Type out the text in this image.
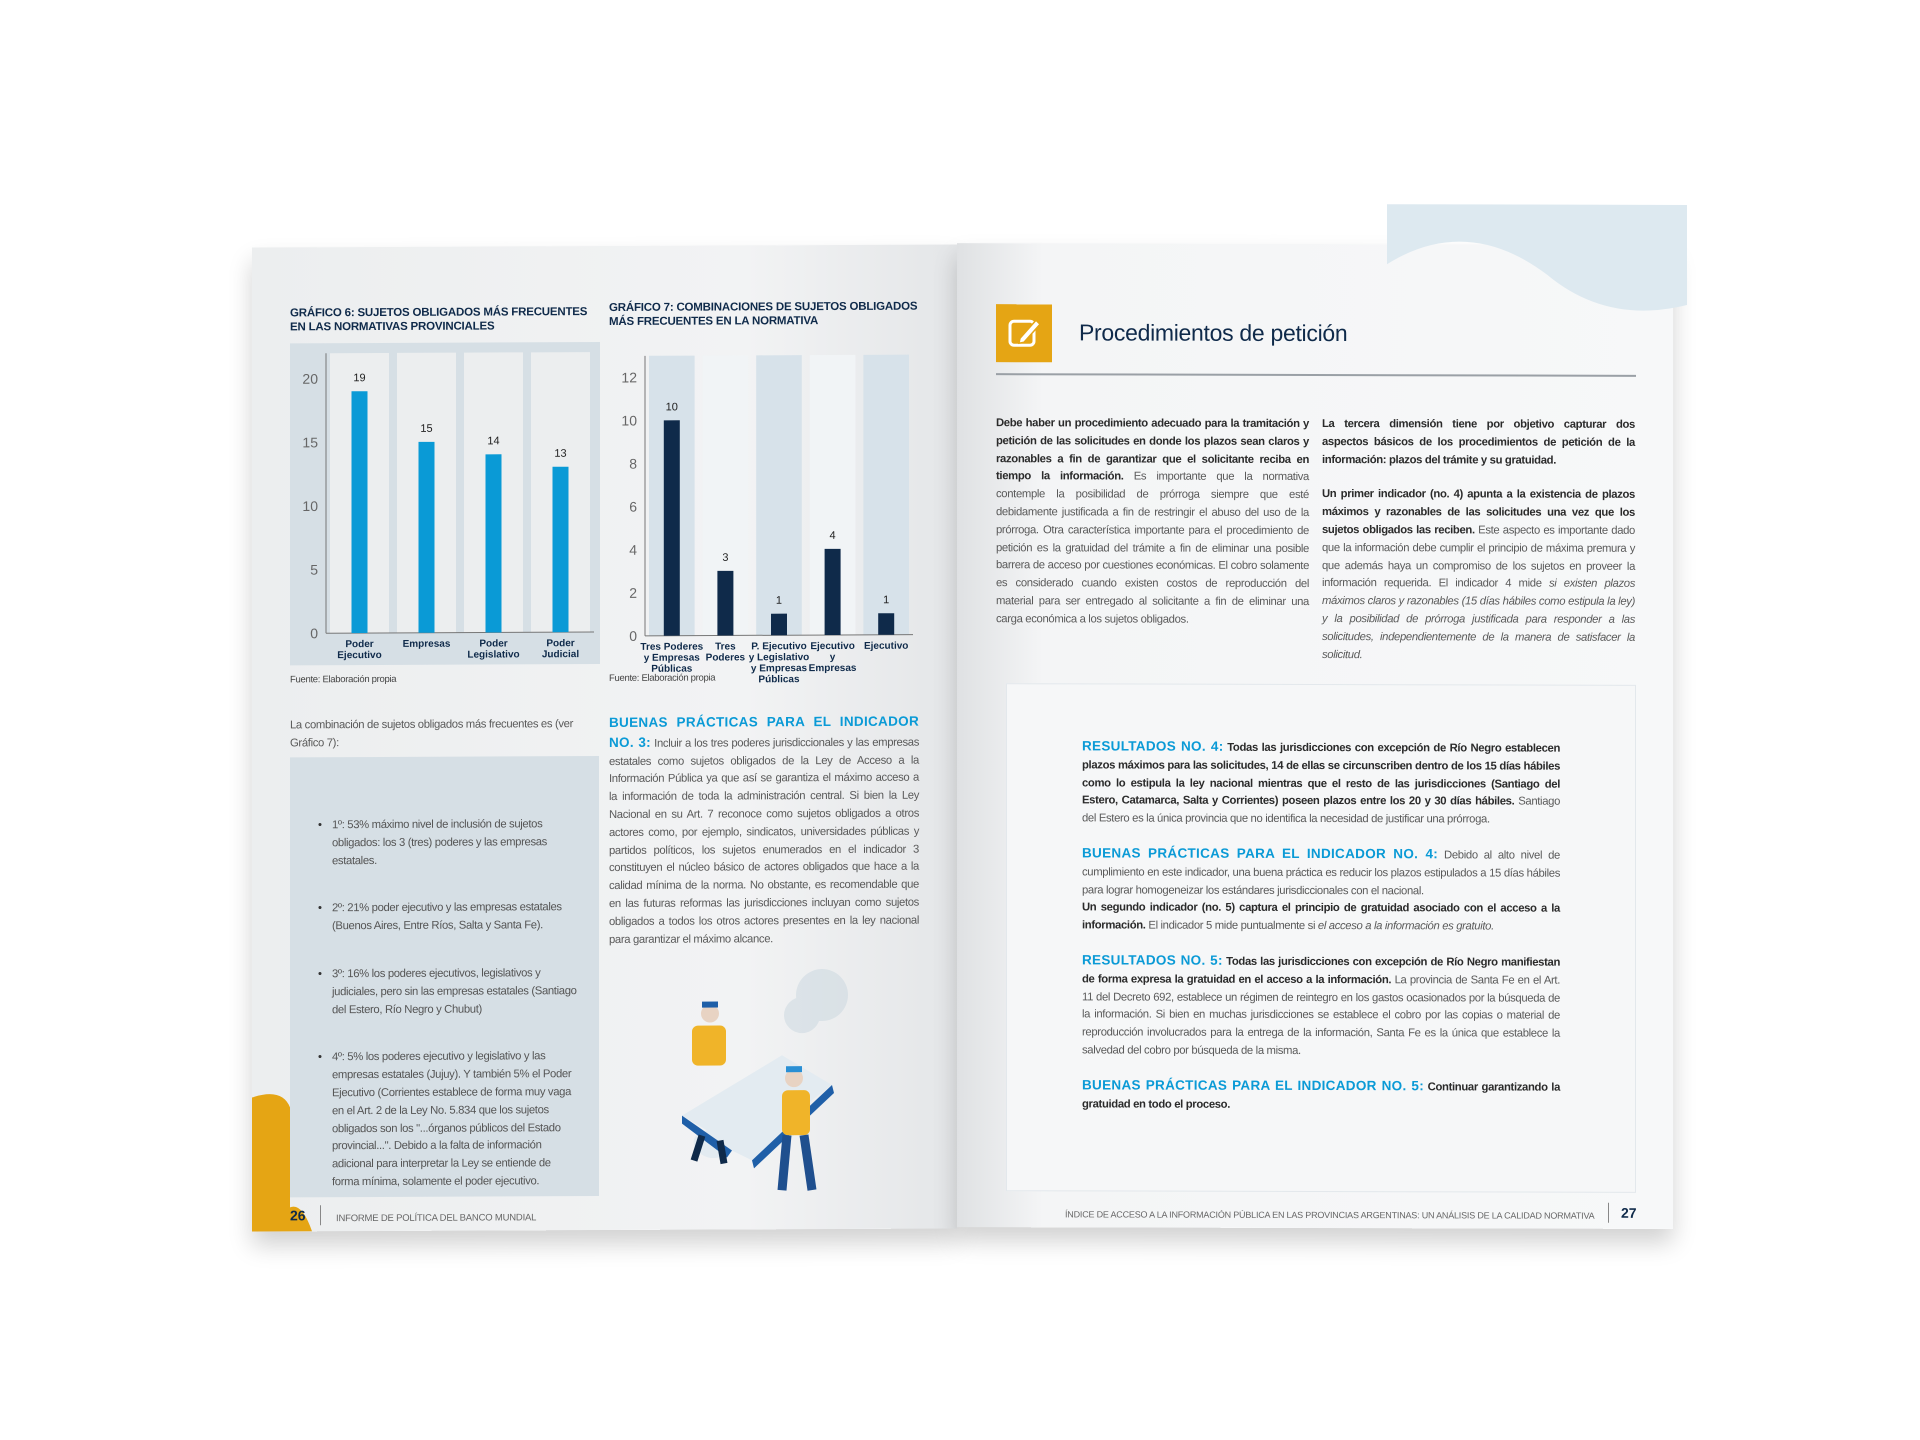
GRÁFICO 6: SUJETOS OBLIGADOS MÁS FRECUENTES
EN LAS NORMATIVAS PROVINCIALES
GRÁFICO 7: COMBINACIONES DE SUJETOS OBLIGADOS
MÁS FRECUENTES EN LA NORMATIVA
0
5
10
15
20	19
Poder
Ejecutivo
15
Empresas
14
Poder
Legislativo
13
Poder
Judicial
0
2
4
6
8
10
12
10
Tres Poderes
y Empresas
Públicas
3
Tres
Poderes
1
P. Ejecutivo
y Legislativo
y Empresas
Públicas
4
Ejecutivo
y
Empresas
1
Ejecutivo
Fuente: Elaboración propia	Fuente: Elaboración propia
La combinación de sujetos obligados más frecuentes es (ver Gráfico 7):
• 1º: 53% máximo nivel de inclusión de sujetos obligados: los 3 (tres) poderes y las empresas estatales.
• 2º: 21% poder ejecutivo y las empresas estatales (Buenos Aires, Entre Ríos, Salta y Santa Fe).
• 3º: 16% los poderes ejecutivos, legislativos y judiciales, pero sin las empresas estatales (Santiago del Estero, Río Negro y Chubut)
• 4º: 5% los poderes ejecutivo y legislativo y las empresas estatales (Jujuy). Y también 5% el Poder Ejecutivo (Corrientes establece de forma muy vaga en el Art. 2 de la Ley No. 5.834 que los sujetos obligados son los "...órganos públicos del Estado provincial...". Debido a la falta de información adicional para interpretar la Ley se entiende de forma mínima, solamente el poder ejecutivo.
BUENAS PRÁCTICAS PARA EL INDICADOR NO. 3: Incluir a los tres poderes jurisdiccionales y las empresas estatales como sujetos obligados de la Ley de Acceso a la Información Pública ya que así se garantiza el máximo acceso a la información de toda la administración central. Si bien la Ley Nacional en su Art. 7 reconoce como sujetos obligados a otros actores como, por ejemplo, sindicatos, universidades públicas y partidos políticos, los sujetos enumerados en el indicador 3 constituyen el núcleo básico de actores obligados que hace a la calidad mínima de la norma. No obstante, es recomendable que en las futuras reformas las jurisdicciones incluyan como sujetos obligados a todos los otros actores presentes en la ley nacional para garantizar el máximo alcance.
26	INFORME DE POLÍTICA DEL BANCO MUNDIAL
Procedimientos de petición
Debe haber un procedimiento adecuado para la tramitación y petición de las solicitudes en donde los plazos sean claros y razonables a fin de garantizar que el solicitante reciba en tiempo la información. Es importante que la normativa contemple la posibilidad de prórroga siempre que esté debidamente justificada a fin de restringir el abuso del uso de la prórroga. Otra característica importante para el procedimiento de petición es la gratuidad del trámite a fin de eliminar una posible barrera de acceso por cuestiones económicas. El cobro solamente es considerado cuando existen costos de reproducción del material para ser entregado al solicitante a fin de eliminar una carga económica a los sujetos obligados.

La tercera dimensión tiene por objetivo capturar dos aspectos básicos de los procedimientos de petición de la información: plazos del trámite y su gratuidad.

Un primer indicador (no. 4) apunta a la existencia de plazos máximos y razonables de las solicitudes una vez que los sujetos obligados las reciben. Este aspecto es importante dado que la información debe cumplir el principio de máxima premura y que además haya un compromiso de los sujetos en proveer la información requerida. El indicador 4 mide si existen plazos máximos claros y razonables (15 días hábiles como estipula la ley) y la posibilidad de prórroga justificada para responder a las solicitudes, independientemente de la manera de satisfacer la solicitud.

RESULTADOS NO. 4: Todas las jurisdicciones con excepción de Río Negro establecen plazos máximos para las solicitudes, 14 de ellas se circunscriben dentro de los 15 días hábiles como lo estipula la ley nacional mientras que el resto de las jurisdicciones (Santiago del Estero, Catamarca, Salta y Corrientes) poseen plazos entre los 20 y 30 días hábiles. Santiago del Estero es la única provincia que no identifica la necesidad de justificar una prórroga.

BUENAS PRÁCTICAS PARA EL INDICADOR NO. 4: Debido al alto nivel de cumplimiento en este indicador, una buena práctica es reducir los plazos estipulados a 15 días hábiles para lograr homogeneizar los estándares jurisdiccionales con el nacional.

Un segundo indicador (no. 5) captura el principio de gratuidad asociado con el acceso a la información. El indicador 5 mide puntualmente si el acceso a la información es gratuito.

RESULTADOS NO. 5: Todas las jurisdicciones con excepción de Río Negro manifiestan de forma expresa la gratuidad en el acceso a la información. La provincia de Santa Fe en el Art. 11 del Decreto 692, establece un régimen de reintegro en los gastos ocasionados por la búsqueda de la información. Si bien en muchas jurisdicciones se establece el cobro por las copias o material de reproducción involucrados para la entrega de la información, Santa Fe es la única que establece la salvedad del cobro por búsqueda de la misma.

BUENAS PRÁCTICAS PARA EL INDICADOR NO. 5: Continuar garantizando la gratuidad en todo el proceso.

ÍNDICE DE ACCESO A LA INFORMACIÓN PÚBLICA EN LAS PROVINCIAS ARGENTINAS: UN ANÁLISIS DE LA CALIDAD NORMATIVA 27
